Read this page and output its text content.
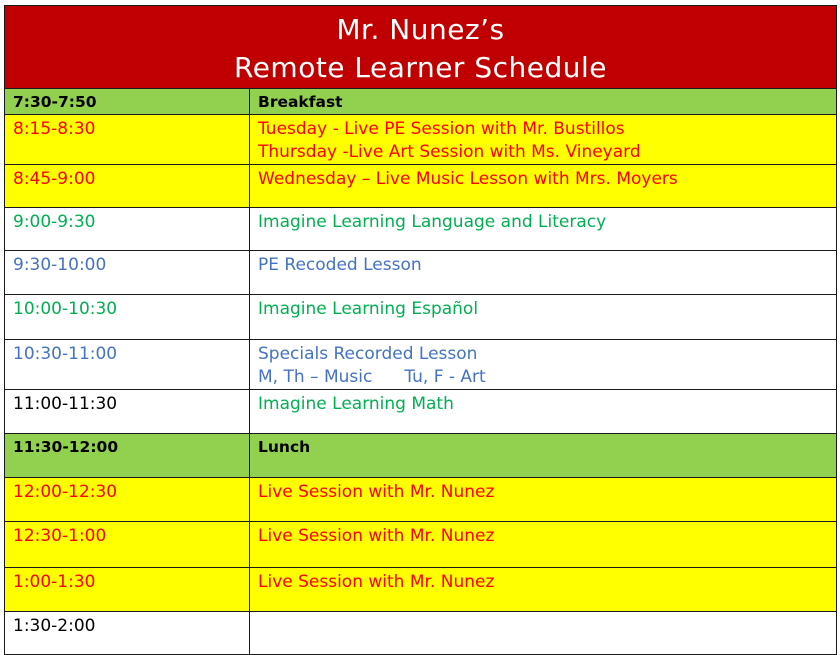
Mr. Nunez’s
Remote Learner Schedule
7:30-7:50	Breakfast
8:15-8:30	Tuesday - Live PE Session with Mr. Bustillos
Thursday -Live Art Session with Ms. Vineyard

8:45-9:00	Wednesday – Live Music Lesson with Mrs. Moyers
9:00-9:30	Imagine Learning Language and Literacy
9:30-10:00	PE Recoded Lesson
10:00-10:30	Imagine Learning Español
10:30-11:00	Specials Recorded Lesson
M, Th – Music Tu, F - Art

11:00-11:30	Imagine Learning Math
11:30-12:00	Lunch
12:00-12:30	Live Session with Mr. Nunez
12:30-1:00	Live Session with Mr. Nunez
1:00-1:30	Live Session with Mr. Nunez
1:30-2:00	
